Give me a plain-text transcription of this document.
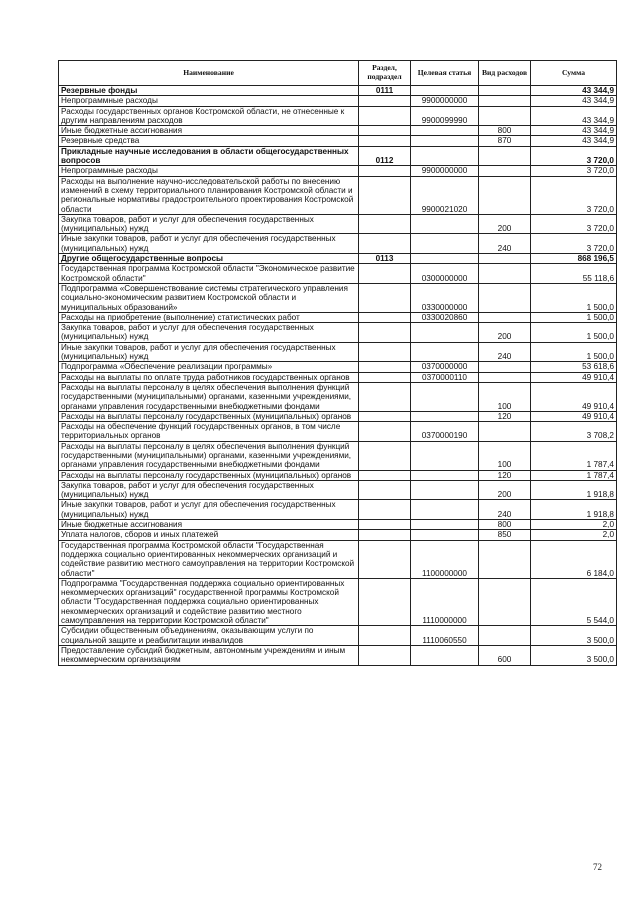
Наименование	Раздел, подраздел	Целевая статья	Вид расходов	Сумма
Резервные фонды	0111			43 344,9
Непрограммные расходы		9900000000		43 344,9
Расходы государственных органов Костромской области, не отнесенные к другим направлениям расходов		9900099990		43 344,9
Иные бюджетные ассигнования			800	43 344,9
Резервные средства			870	43 344,9
Прикладные научные исследования в области общегосударственных вопросов	0112			3 720,0
Непрограммные расходы		9900000000		3 720,0
Расходы на выполнение научно-исследовательской работы по внесению изменений в схему территориального планирования Костромской области и региональные нормативы градостроительного проектирования Костромской области		9900021020		3 720,0
Закупка товаров, работ и услуг для обеспечения государственных (муниципальных) нужд			200	3 720,0
Иные закупки товаров, работ и услуг для обеспечения государственных (муниципальных) нужд			240	3 720,0
Другие общегосударственные вопросы	0113			868 196,5
Государственная программа Костромской области "Экономическое развитие Костромской области"		0300000000		55 118,6
Подпрограмма «Совершенствование системы стратегического управления социально-экономическим развитием Костромской области и муниципальных образований»		0330000000		1 500,0
Расходы на приобретение (выполнение) статистических работ		0330020860		1 500,0
Закупка товаров, работ и услуг для обеспечения государственных (муниципальных) нужд			200	1 500,0
Иные закупки товаров, работ и услуг для обеспечения государственных (муниципальных) нужд			240	1 500,0
Подпрограмма «Обеспечение реализации программы»		0370000000		53 618,6
Расходы на выплаты по оплате труда работников государственных органов		0370000110		49 910,4
Расходы на выплаты персоналу в целях обеспечения выполнения функций государственными (муниципальными) органами, казенными учреждениями, органами управления государственными внебюджетными фондами			100	49 910,4
Расходы на выплаты персоналу государственных (муниципальных) органов			120	49 910,4
Расходы на обеспечение функций государственных органов, в том числе территориальных органов		0370000190		3 708,2
Расходы на выплаты персоналу в целях обеспечения выполнения функций государственными (муниципальными) органами, казенными учреждениями, органами управления государственными внебюджетными фондами			100	1 787,4
Расходы на выплаты персоналу государственных (муниципальных) органов			120	1 787,4
Закупка товаров, работ и услуг для обеспечения государственных (муниципальных) нужд			200	1 918,8
Иные закупки товаров, работ и услуг для обеспечения государственных (муниципальных) нужд			240	1 918,8
Иные бюджетные ассигнования			800	2,0
Уплата налогов, сборов и иных платежей			850	2,0
Государственная программа Костромской области "Государственная поддержка социально ориентированных некоммерческих организаций и содействие развитию местного самоуправления на территории Костромской области"		1100000000		6 184,0
Подпрограмма "Государственная поддержка социально ориентированных некоммерческих организаций" государственной программы Костромской области "Государственная поддержка социально ориентированных некоммерческих организаций и содействие развитию местного самоуправления на территории Костромской области"		1110000000		5 544,0
Субсидии общественным объединениям, оказывающим услуги по социальной защите и реабилитации инвалидов		1110060550		3 500,0
Предоставление субсидий бюджетным, автономным учреждениям и иным некоммерческим организациям			600	3 500,0
72
